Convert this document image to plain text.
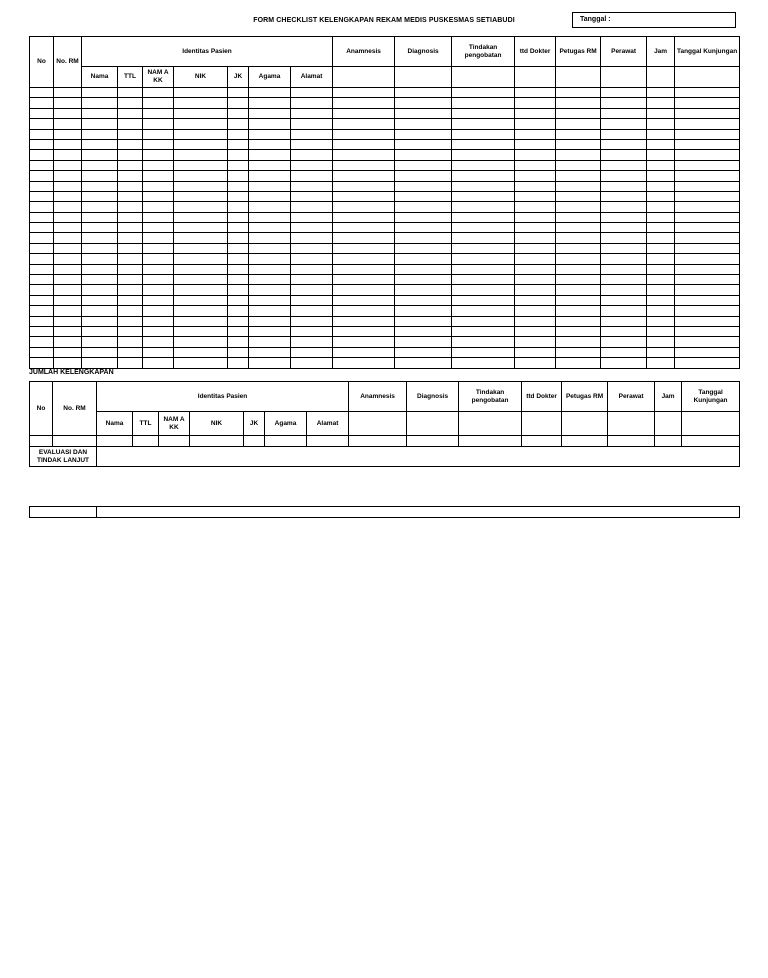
FORM CHECKLIST KELENGKAPAN REKAM MEDIS PUSKESMAS SETIABUDI	Tanggal :
No	No. RM	Identitas Pasien							Anamnesis	Diagnosis	Tindakan pengobatan	ttd Dokter	Petugas RM	Perawat	Jam	Tanggal Kunjungan
		Nama	TTL	NAM A KK	NIK	JK	Agama	Alamat								

JUMLAH KELENGKAPAN
No	No. RM	Identitas Pasien							Anamnesis	Diagnosis	Tindakan pengobatan	ttd Dokter	Petugas RM	Perawat	Jam	Tanggal Kunjungan
		Nama	TTL	NAM A KK	NIK	JK	Agama	Alamat								

EVALUASI DAN TINDAK LANJUT																
